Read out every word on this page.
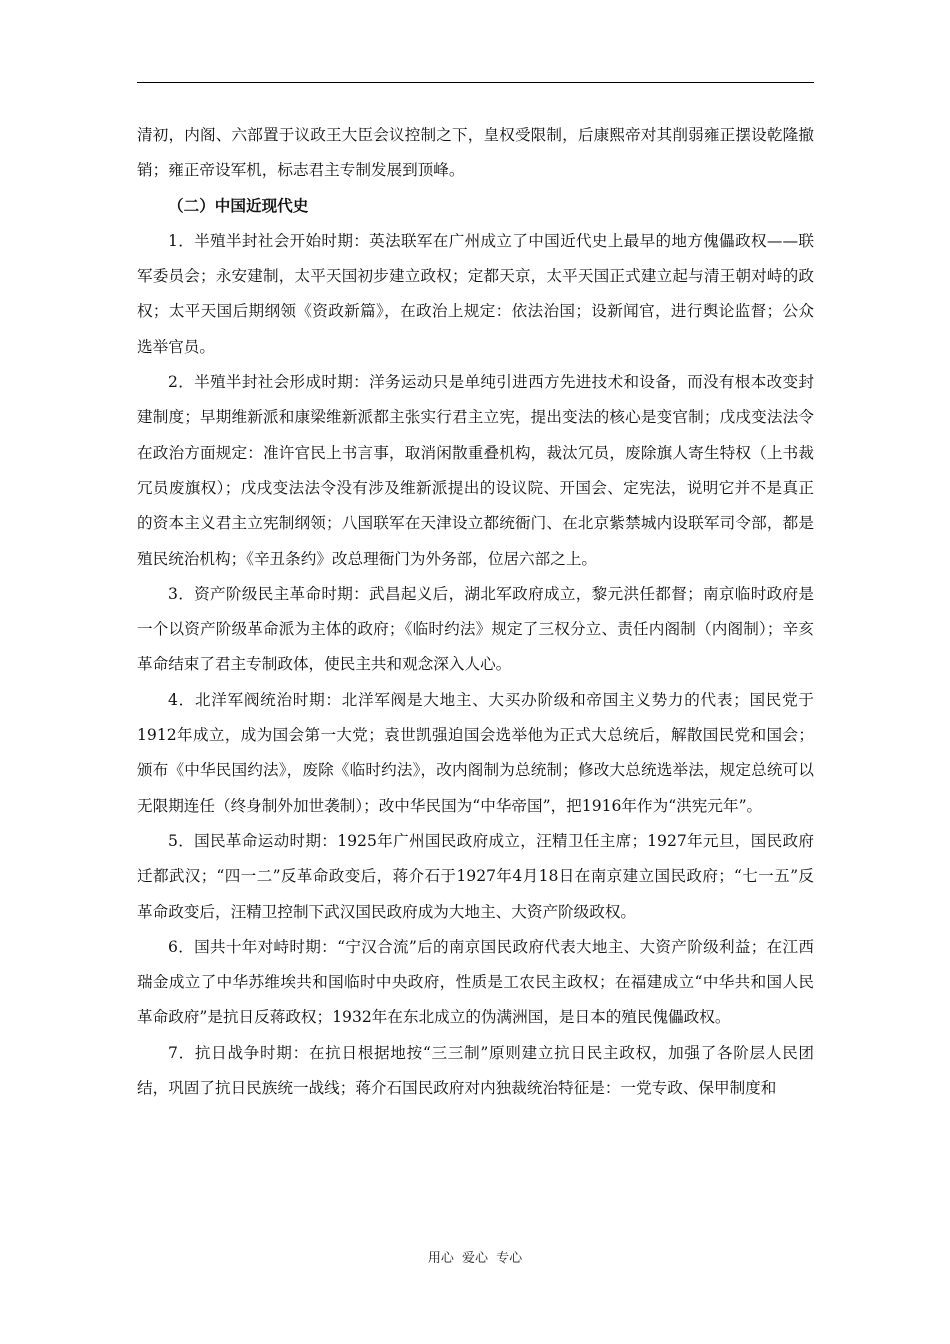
清初，内阁、六部置于议政王大臣会议控制之下，皇权受限制，后康熙帝对其削弱雍正摆设乾隆撤销；雍正帝设军机，标志君主专制发展到顶峰。

（二）中国近现代史

1．半殖半封社会开始时期：英法联军在广州成立了中国近代史上最早的地方傀儡政权——联军委员会；永安建制，太平天国初步建立政权；定都天京，太平天国正式建立起与清王朝对峙的政权；太平天国后期纲领《资政新篇》，在政治上规定：依法治国；设新闻官，进行舆论监督；公众选举官员。

2．半殖半封社会形成时期：洋务运动只是单纯引进西方先进技术和设备，而没有根本改变封建制度；早期维新派和康梁维新派都主张实行君主立宪，提出变法的核心是变官制；戊戌变法法令在政治方面规定：准许官民上书言事，取消闲散重叠机构，裁汰冗员，废除旗人寄生特权（上书裁冗员废旗权）；戊戌变法法令没有涉及维新派提出的设议院、开国会、定宪法，说明它并不是真正的资本主义君主立宪制纲领；八国联军在天津设立都统衙门、在北京紫禁城内设联军司令部，都是殖民统治机构；《辛丑条约》改总理衙门为外务部，位居六部之上。

3．资产阶级民主革命时期：武昌起义后，湖北军政府成立，黎元洪任都督；南京临时政府是一个以资产阶级革命派为主体的政府；《临时约法》规定了三权分立、责任内阁制（内阁制）；辛亥革命结束了君主专制政体，使民主共和观念深入人心。

4．北洋军阀统治时期：北洋军阀是大地主、大买办阶级和帝国主义势力的代表；国民党于1912年成立，成为国会第一大党；袁世凯强迫国会选举他为正式大总统后，解散国民党和国会；颁布《中华民国约法》，废除《临时约法》，改内阁制为总统制；修改大总统选举法，规定总统可以无限期连任（终身制外加世袭制）；改中华民国为“中华帝国”，把1916年作为“洪宪元年”。

5．国民革命运动时期：1925年广州国民政府成立，汪精卫任主席；1927年元旦，国民政府迁都武汉；“四一二”反革命政变后，蒋介石于1927年4月18日在南京建立国民政府；“七一五”反革命政变后，汪精卫控制下武汉国民政府成为大地主、大资产阶级政权。

6．国共十年对峙时期：“宁汉合流”后的南京国民政府代表大地主、大资产阶级利益；在江西瑞金成立了中华苏维埃共和国临时中央政府，性质是工农民主政权；在福建成立“中华共和国人民革命政府”是抗日反蒋政权；1932年在东北成立的伪满洲国，是日本的殖民傀儡政权。

7．抗日战争时期：在抗日根据地按“三三制”原则建立抗日民主政权，加强了各阶层人民团结，巩固了抗日民族统一战线；蒋介石国民政府对内独裁统治特征是：一党专政、保甲制度和

用心 爱心 专心
